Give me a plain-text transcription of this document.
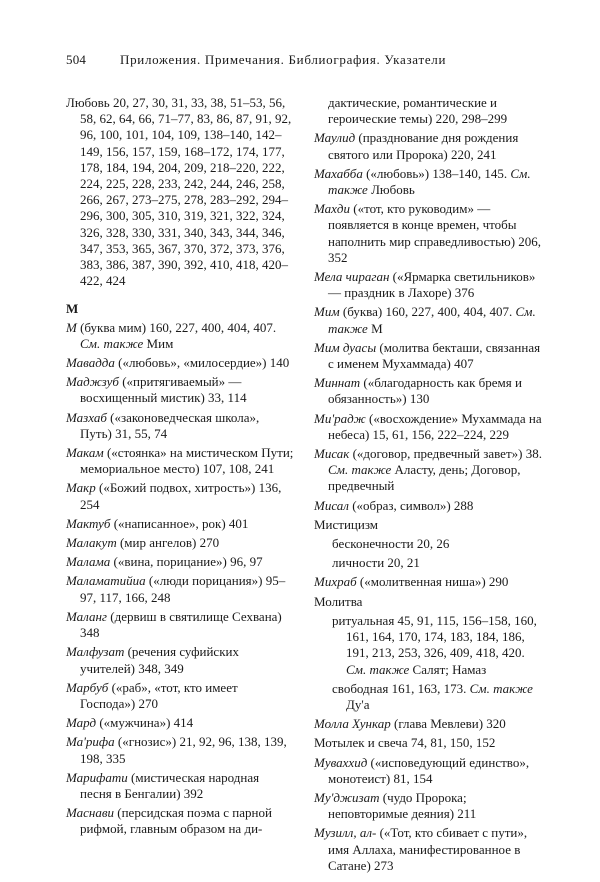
504	Приложения. Примечания. Библиография. Указатели
Любовь 20, 27, 30, 31, 33, 38, 51–53, 56, 58, 62, 64, 66, 71–77, 83, 86, 87, 91, 92, 96, 100, 101, 104, 109, 138–140, 142–149, 156, 157, 159, 168–172, 174, 177, 178, 184, 194, 204, 209, 218–220, 222, 224, 225, 228, 233, 242, 244, 246, 258, 266, 267, 273–275, 278, 283–292, 294–296, 300, 305, 310, 319, 321, 322, 324, 326, 328, 330, 331, 340, 343, 344, 346, 347, 353, 365, 367, 370, 372, 373, 376, 383, 386, 387, 390, 392, 410, 418, 420–422, 424
М
М (буква мим) 160, 227, 400, 404, 407. См. также Мим
Мавадда («любовь», «милосердие») 140
Маджзуб («притягиваемый» — восхищенный мистик) 33, 114
Мазхаб («законоведческая школа», Путь) 31, 55, 74
Макам («стоянка» на мистическом Пути; мемориальное место) 107, 108, 241
Макр («Божий подвох, хитрость») 136, 254
Мактуб («написанное», рок) 401
Малакут (мир ангелов) 270
Малама («вина, порицание») 96, 97
Маламатийиа («люди порицания») 95–97, 117, 166, 248
Маланг (дервиш в святилище Сехвана) 348
Малфузат (речения суфийских учителей) 348, 349
Марбуб («раб», «тот, кто имеет Господа») 270
Мард («мужчина») 414
Ма'рифа («гнозис») 21, 92, 96, 138, 139, 198, 335
Марифати (мистическая народная песня в Бенгалии) 392
Маснави (персидская поэма с парной рифмой, главным образом на ди-
дактические, романтические и героические темы) 220, 298–299
Маулид (празднование дня рождения святого или Пророка) 220, 241
Махабба («любовь») 138–140, 145. См. также Любовь
Махди («тот, кто руководим» — появляется в конце времен, чтобы наполнить мир справедливостью) 206, 352
Мела чираган («Ярмарка светильников» — праздник в Лахоре) 376
Мим (буква) 160, 227, 400, 404, 407. См. также М
Мим дуасы (молитва бекташи, связанная с именем Мухаммада) 407
Миннат («благодарность как бремя и обязанность») 130
Ми'радж («восхождение» Мухаммада на небеса) 15, 61, 156, 222–224, 229
Мисак («договор, предвечный завет») 38. См. также Аласту, день; Договор, предвечный
Мисал («образ, символ») 288
Мистицизм
бесконечности 20, 26
личности 20, 21
Михраб («молитвенная ниша») 290
Молитва
ритуальная 45, 91, 115, 156–158, 160, 161, 164, 170, 174, 183, 184, 186, 191, 213, 253, 326, 409, 418, 420. См. также Салят; Намаз
свободная 161, 163, 173. См. также Ду'а
Молла Хункар (глава Мевлеви) 320
Мотылек и свеча 74, 81, 150, 152
Муваххид («исповедующий единство», монотеист) 81, 154
Му'джизат (чудо Пророка; неповторимые деяния) 211
Музилл, ал- («Тот, кто сбивает с пути», имя Аллаха, манифестированное в Сатане) 273
